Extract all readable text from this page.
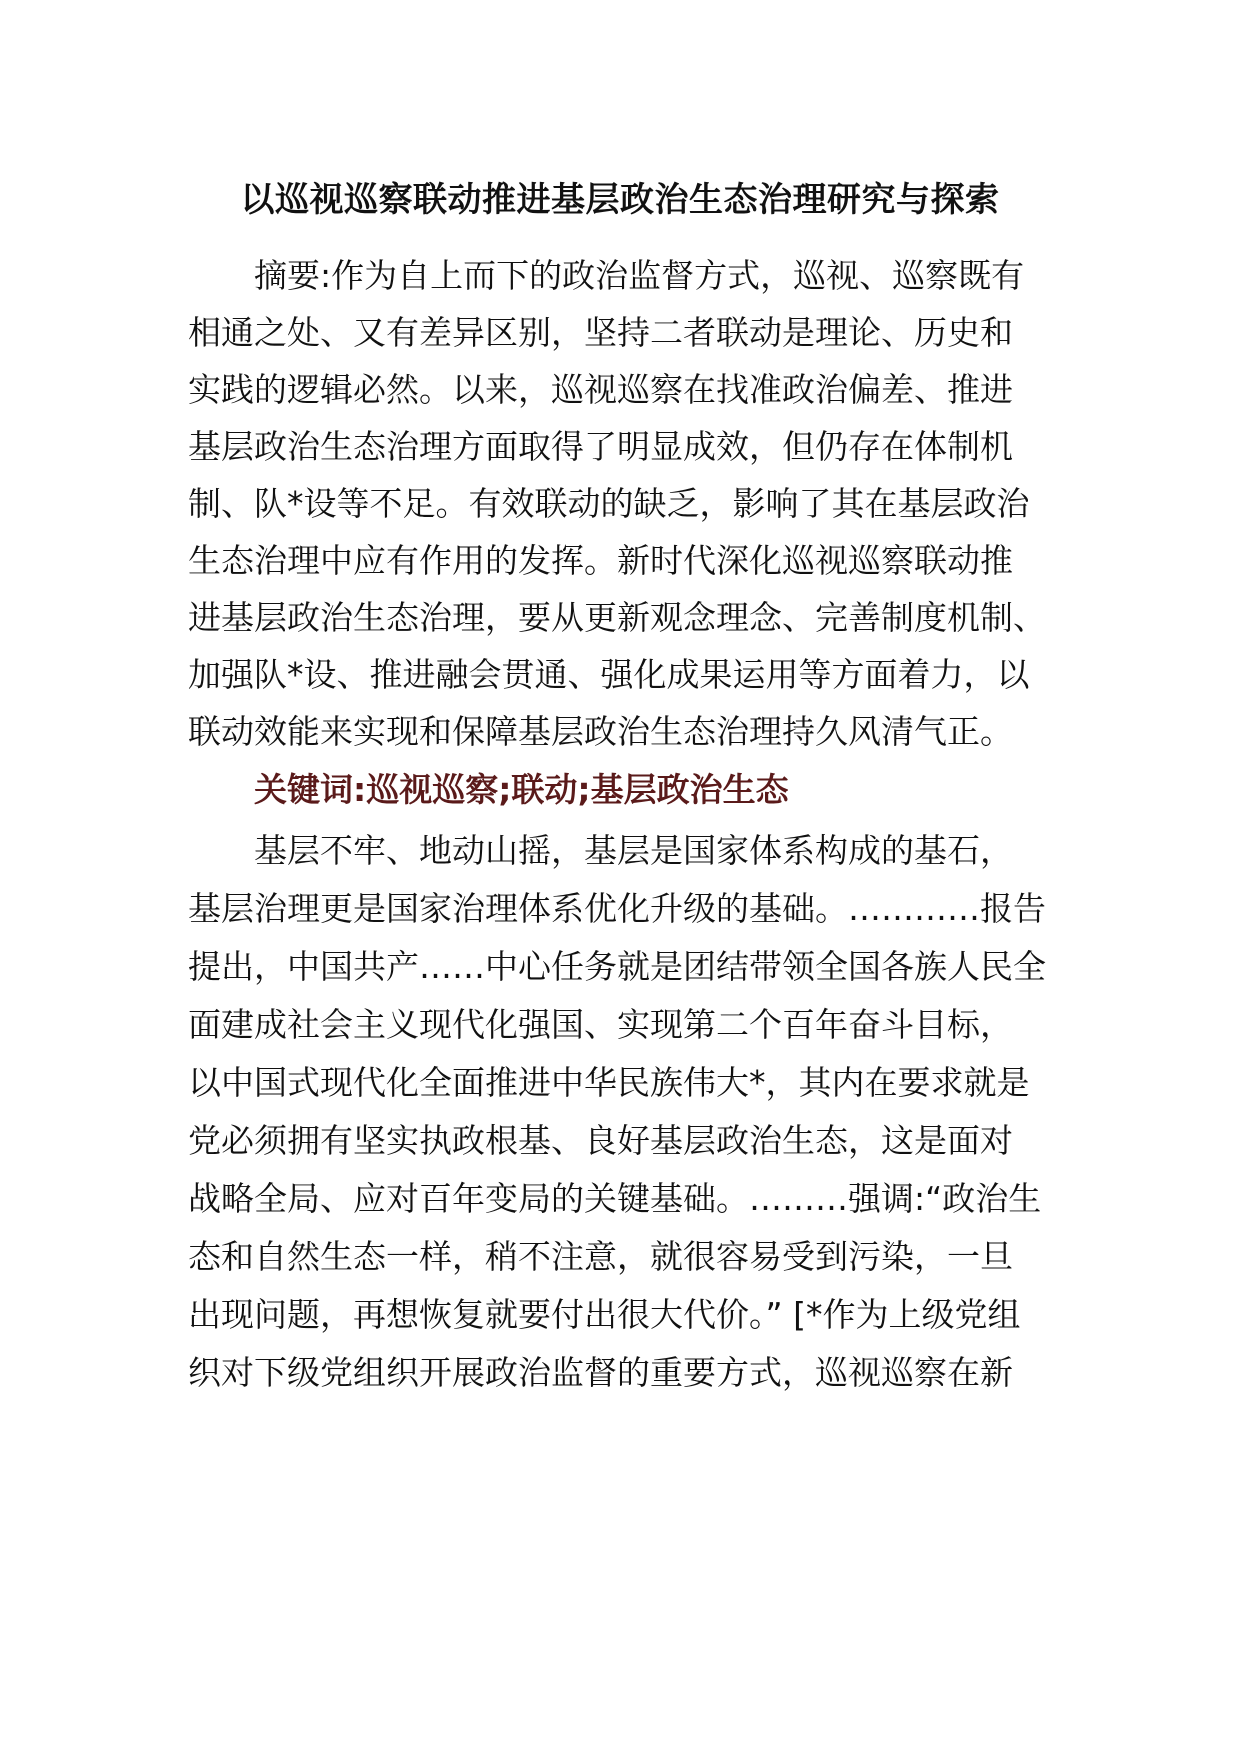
以巡视巡察联动推进基层政治生态治理研究与探索

摘要:作为自上而下的政治监督方式，巡视、巡察既有

相通之处、又有差异区别，坚持二者联动是理论、历史和

实践的逻辑必然。以来，巡视巡察在找准政治偏差、推进

基层政治生态治理方面取得了明显成效，但仍存在体制机

制、队*设等不足。有效联动的缺乏，影响了其在基层政治

生态治理中应有作用的发挥。新时代深化巡视巡察联动推

进基层政治生态治理，要从更新观念理念、完善制度机制、

加强队*设、推进融会贯通、强化成果运用等方面着力，以

联动效能来实现和保障基层政治生态治理持久风清气正。

关键词:巡视巡察;联动;基层政治生态

基层不牢、地动山摇，基层是国家体系构成的基石，

基层治理更是国家治理体系优化升级的基础。…………报告

提出，中国共产……中心任务就是团结带领全国各族人民全

面建成社会主义现代化强国、实现第二个百年奋斗目标，

以中国式现代化全面推进中华民族伟大*，其内在要求就是

党必须拥有坚实执政根基、良好基层政治生态，这是面对

战略全局、应对百年变局的关键基础。………强调:“政治生

态和自然生态一样，稍不注意，就很容易受到污染，一旦

出现问题，再想恢复就要付出很大代价。” [*作为上级党组

织对下级党组织开展政治监督的重要方式，巡视巡察在新
